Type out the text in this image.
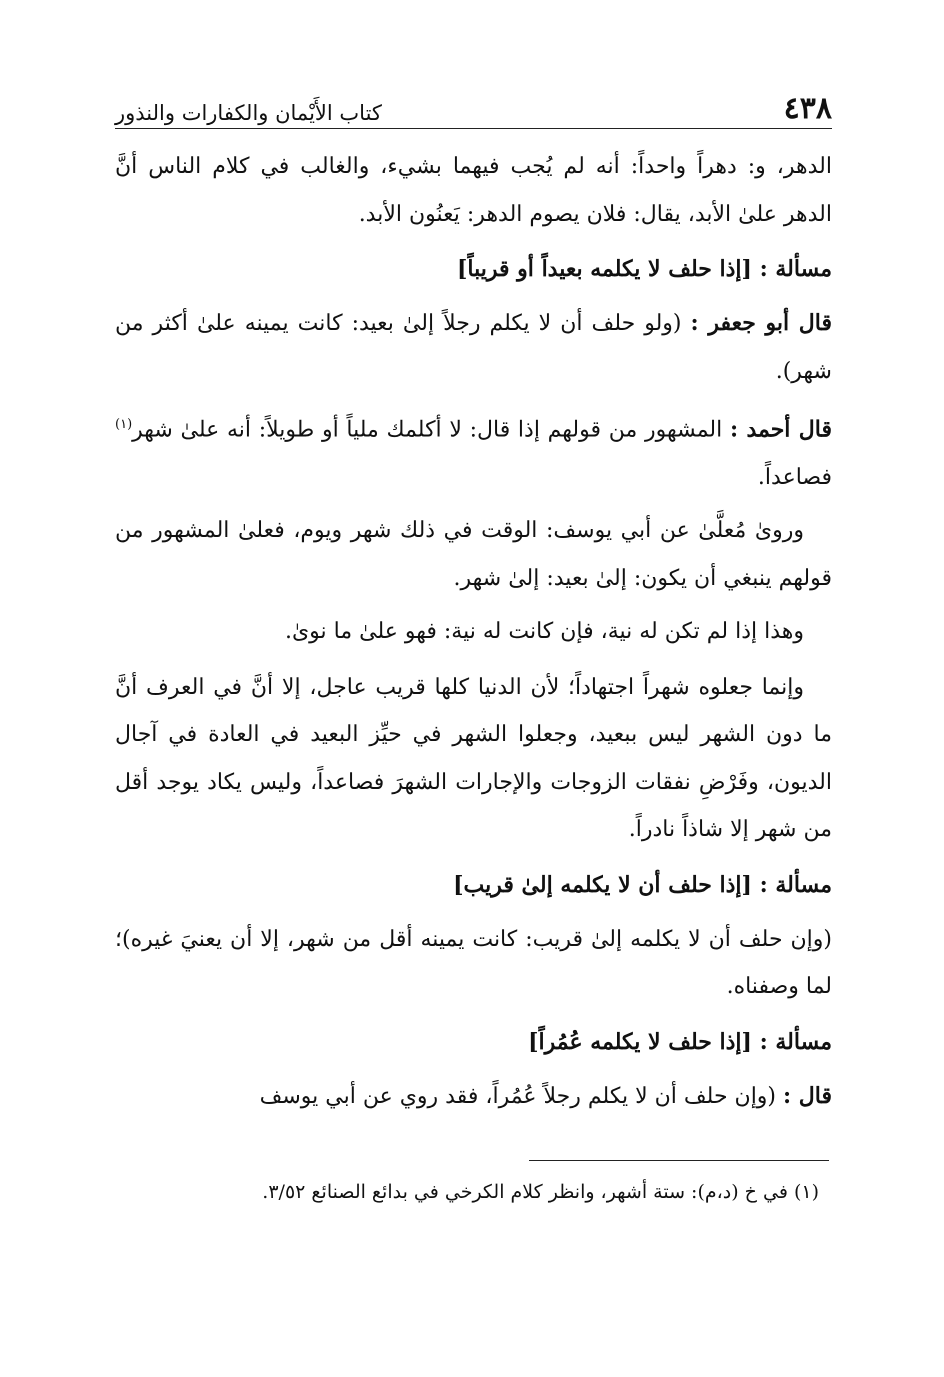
٤٣٨
كتاب الأَيْمان والكفارات والنذور

الدهر، و: دهراً واحداً: أنه لم يُجب فيهما بشيء، والغالب في كلام الناس أنَّ الدهر علىٰ الأبد، يقال: فلان يصوم الدهر: يَعنُون الأبد.

مسألة : [إذا حلف لا يكلمه بعيداً أو قريباً]

قال أبو جعفر : (ولو حلف أن لا يكلم رجلاً إلىٰ بعيد: كانت يمينه علىٰ أكثر من شهر).

قال أحمد : المشهور من قولهم إذا قال: لا أكلمك ملياً أو طويلاً: أنه علىٰ شهر$^{(١)}$ فصاعداً.

وروىٰ مُعلَّىٰ عن أبي يوسف: الوقت في ذلك شهر ويوم، فعلىٰ المشهور من قولهم ينبغي أن يكون: إلىٰ بعيد: إلىٰ شهر.

وهذا إذا لم تكن له نية، فإن كانت له نية: فهو علىٰ ما نوىٰ.

وإنما جعلوه شهراً اجتهاداً؛ لأن الدنيا كلها قريب عاجل، إلا أنَّ في العرف أنَّ ما دون الشهر ليس ببعيد، وجعلوا الشهر في حيِّز البعيد في العادة في آجال الديون، وفَرْضِ نفقات الزوجات والإجارات الشهرَ فصاعداً، وليس يكاد يوجد أقل من شهر إلا شاذاً نادراً.

مسألة : [إذا حلف أن لا يكلمه إلىٰ قريب]

(وإن حلف أن لا يكلمه إلىٰ قريب: كانت يمينه أقل من شهر، إلا أن يعنيَ غيره)؛ لما وصفناه.

مسألة : [إذا حلف لا يكلمه عُمُراً]

قال : (وإن حلف أن لا يكلم رجلاً عُمُراً، فقد روي عن أبي يوسف

(١) في خ (د،م): ستة أشهر، وانظر كلام الكرخي في بدائع الصنائع ٣/٥٢.
